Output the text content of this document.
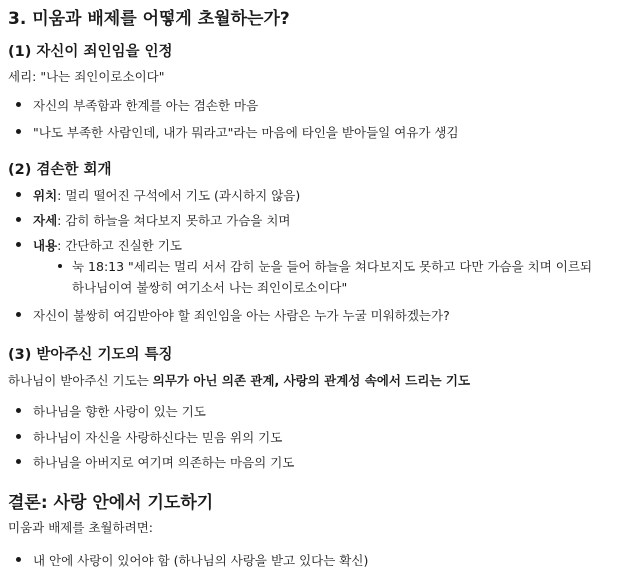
3. 미움과 배제를 어떻게 초월하는가?
(1) 자신이 죄인임을 인정

세리: "나는 죄인이로소이다"

자신의 부족함과 한계를 아는 겸손한 마음
"나도 부족한 사람인데, 내가 뭐라고"라는 마음에 타인을 받아들일 여유가 생김
(2) 겸손한 회개
위치: 멀리 떨어진 구석에서 기도 (과시하지 않음)
자세: 감히 하늘을 쳐다보지 못하고 가슴을 치며
내용: 간단하고 진실한 기도
눅 18:13 "세리는 멀리 서서 감히 눈을 들어 하늘을 쳐다보지도 못하고 다만 가슴을 치며 이르되
하나님이여 불쌍히 여기소서 나는 죄인이로소이다"
자신이 불쌍히 여김받아야 할 죄인임을 아는 사람은 누가 누굴 미워하겠는가?
(3) 받아주신 기도의 특징

하나님이 받아주신 기도는 의무가 아닌 의존 관계, 사랑의 관계성 속에서 드리는 기도

하나님을 향한 사랑이 있는 기도
하나님이 자신을 사랑하신다는 믿음 위의 기도
하나님을 아버지로 여기며 의존하는 마음의 기도
결론: 사랑 안에서 기도하기

미움과 배제를 초월하려면:

내 안에 사랑이 있어야 함 (하나님의 사랑을 받고 있다는 확신)
